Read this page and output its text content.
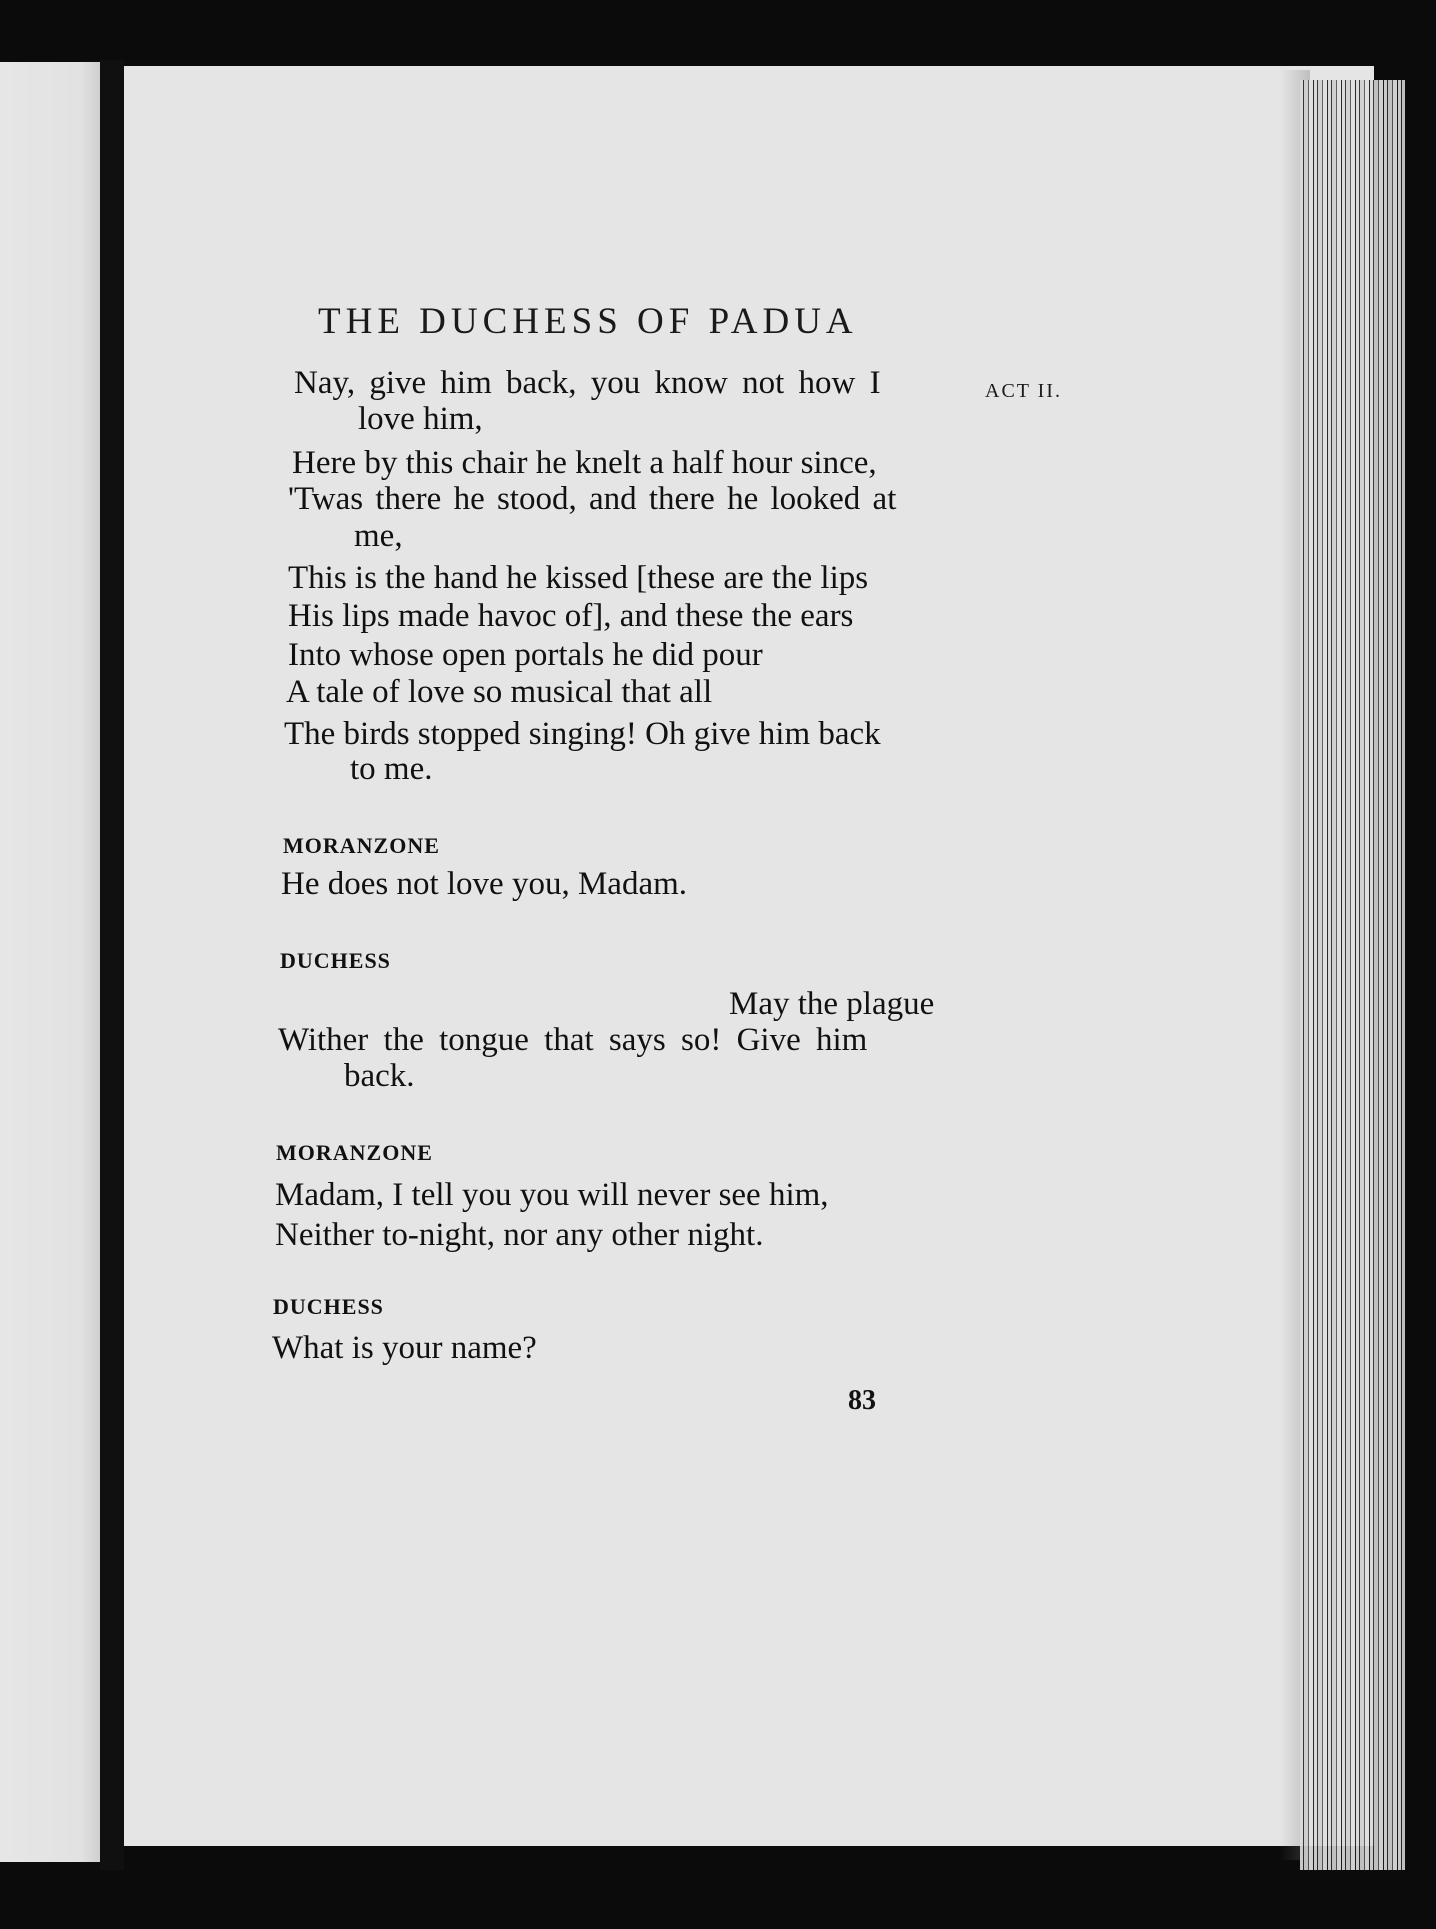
THE DUCHESS OF PADUA
ACT II.
Nay, give him back, you know not how I
love him,
Here by this chair he knelt a half hour since,
'Twas there he stood, and there he looked at
me,
This is the hand he kissed [these are the lips
His lips made havoc of], and these the ears
Into whose open portals he did pour
A tale of love so musical that all
The birds stopped singing! Oh give him back
to me.
MORANZONE
He does not love you, Madam.
DUCHESS
May the plague
Wither the tongue that says so! Give him
back.
MORANZONE
Madam, I tell you you will never see him,
Neither to-night, nor any other night.
DUCHESS
What is your name?
83
